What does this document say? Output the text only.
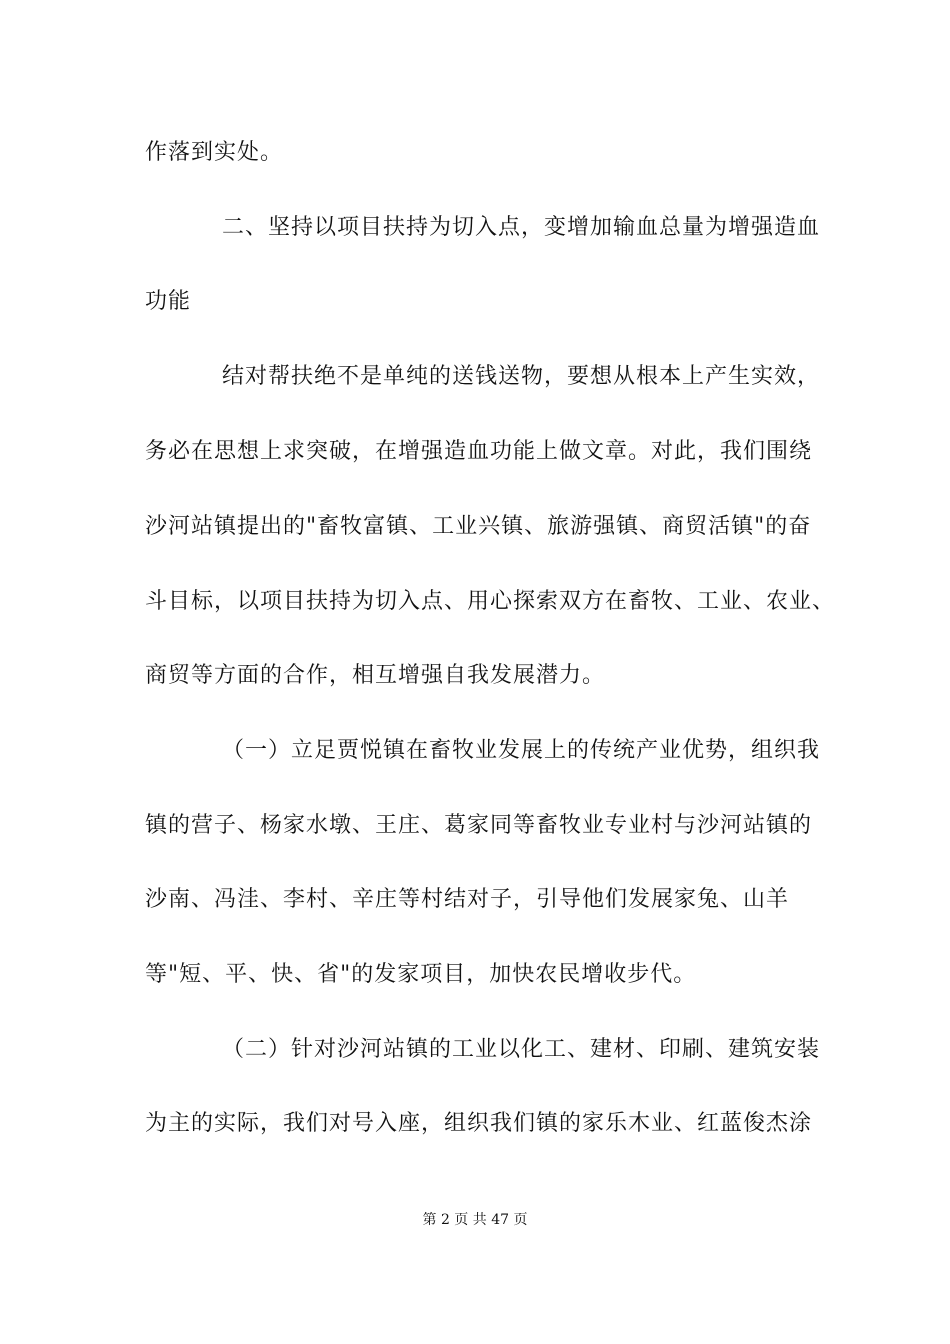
作落到实处。
二、坚持以项目扶持为切入点，变增加输血总量为增强造血
功能
结对帮扶绝不是单纯的送钱送物，要想从根本上产生实效，
务必在思想上求突破，在增强造血功能上做文章。对此，我们围绕
沙河站镇提出的"畜牧富镇、工业兴镇、旅游强镇、商贸活镇"的奋
斗目标，以项目扶持为切入点、用心探索双方在畜牧、工业、农业、
商贸等方面的合作，相互增强自我发展潜力。
（一）立足贾悦镇在畜牧业发展上的传统产业优势，组织我
镇的营子、杨家水墩、王庄、葛家同等畜牧业专业村与沙河站镇的
沙南、冯洼、李村、辛庄等村结对子，引导他们发展家兔、山羊
等"短、平、快、省"的发家项目，加快农民增收步代。
（二）针对沙河站镇的工业以化工、建材、印刷、建筑安装
为主的实际，我们对号入座，组织我们镇的家乐木业、红蓝俊杰涂
第 2 页 共 47 页
